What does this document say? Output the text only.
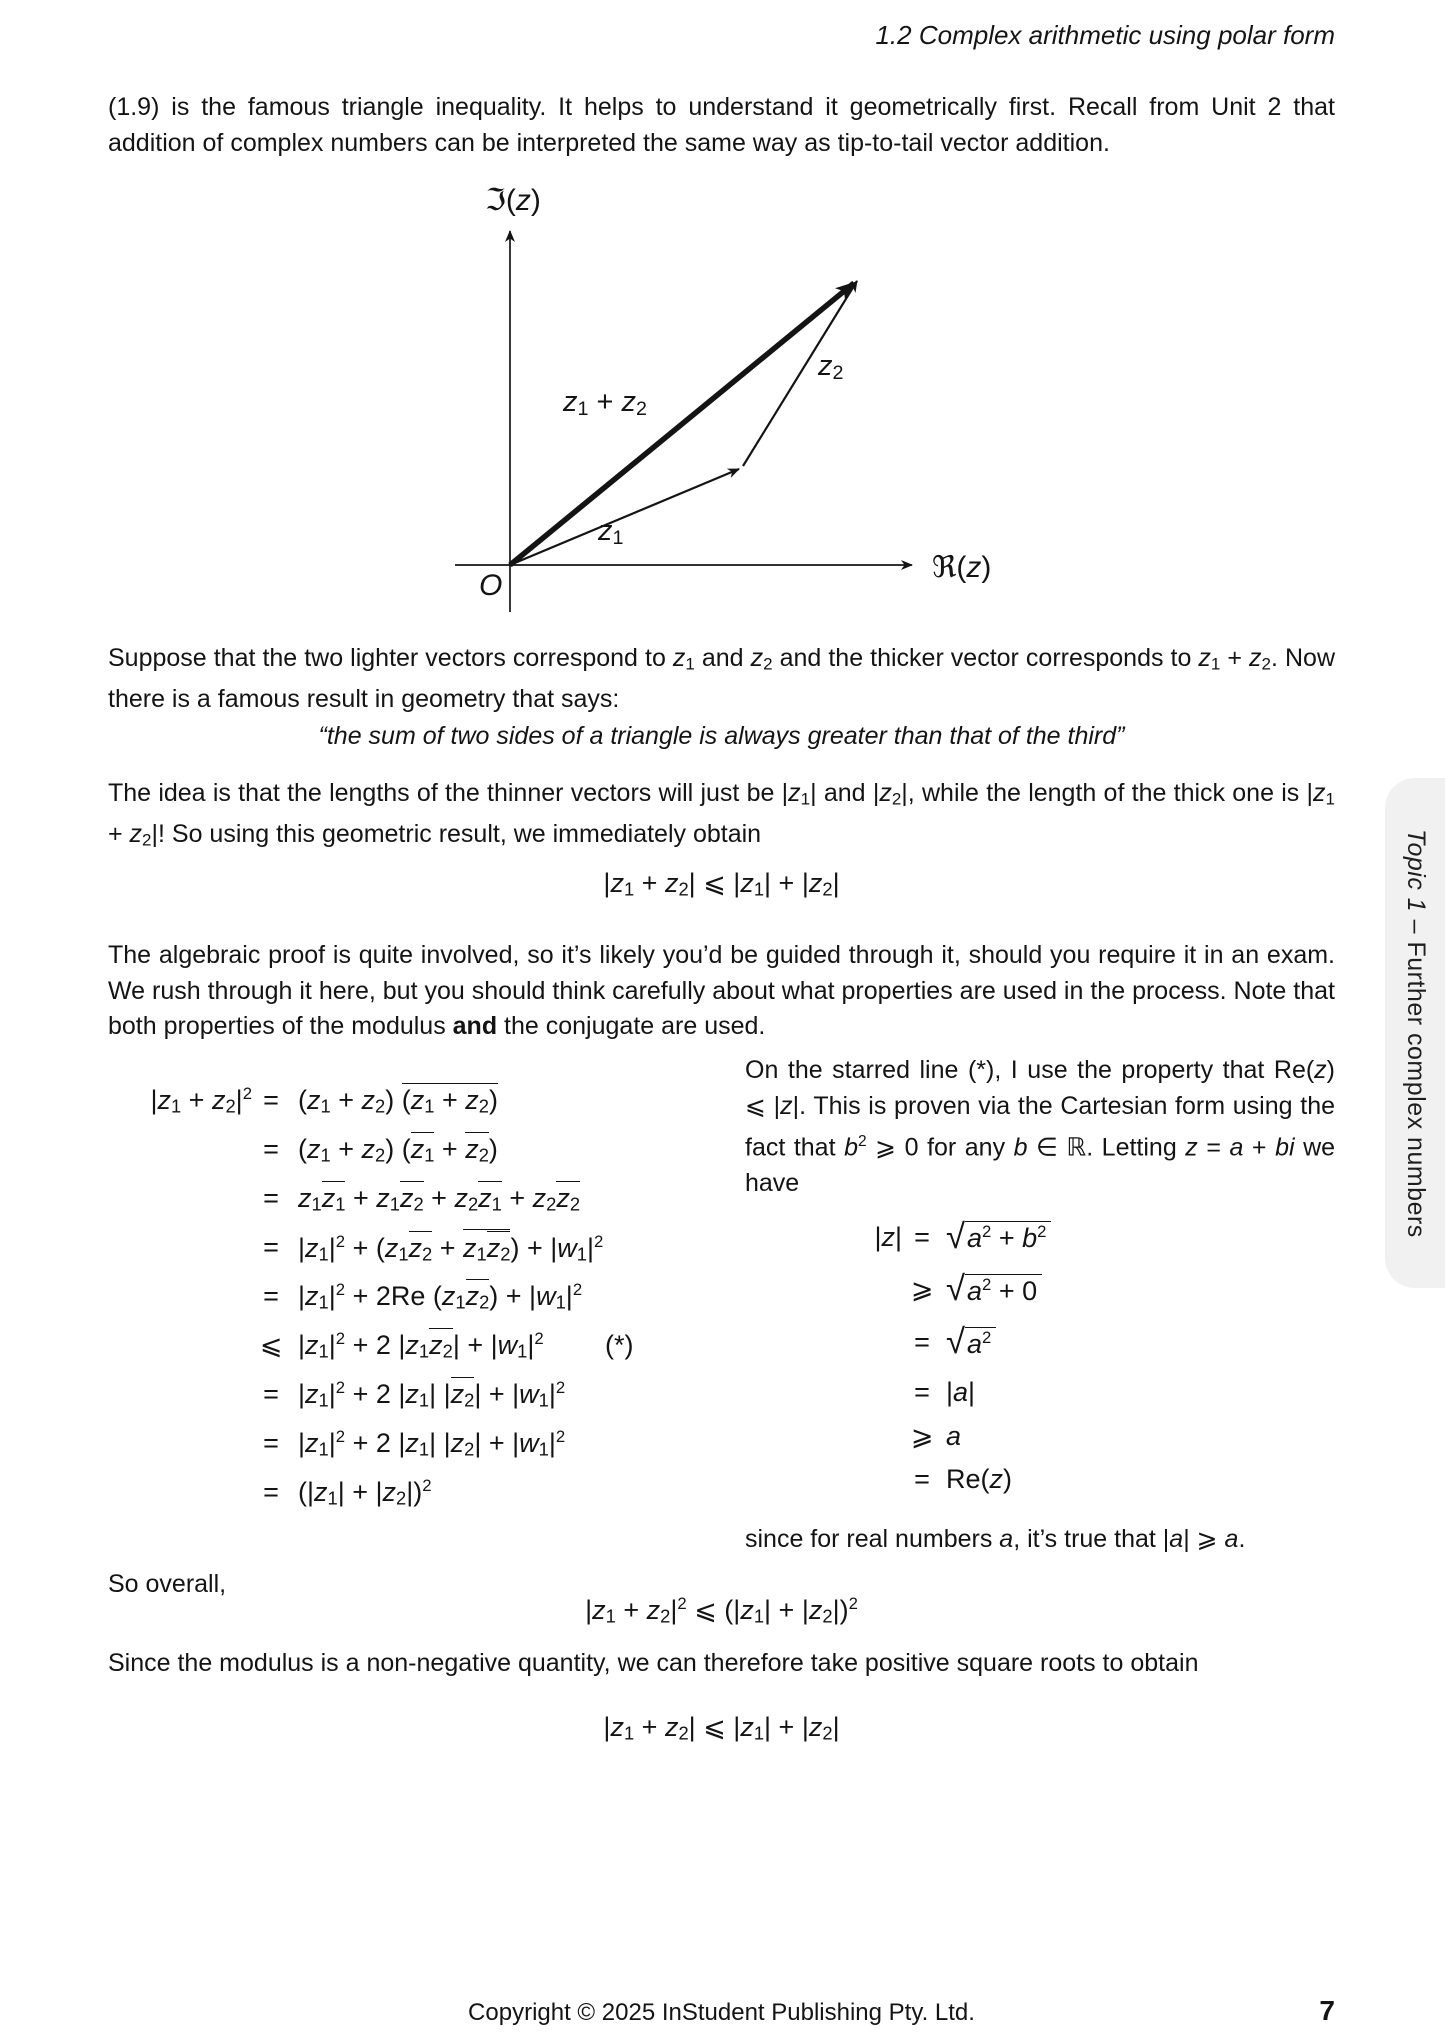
1.2 Complex arithmetic using polar form
(1.9) is the famous triangle inequality. It helps to understand it geometrically first. Recall from Unit 2 that addition of complex numbers can be interpreted the same way as tip-to-tail vector addition.
ℑ(z)
ℜ(z)
O
$z_1$
$z_2$
$z_1 + z_2$
Suppose that the two lighter vectors correspond to $z_1$ and $z_2$ and the thicker vector corresponds to $z_1 + z_2$. Now there is a famous result in geometry that says:
“the sum of two sides of a triangle is always greater than that of the third”
The idea is that the lengths of the thinner vectors will just be $|z_1|$ and $|z_2|$, while the length of the thick one is $|z_1 + z_2|$! So using this geometric result, we immediately obtain
$|z_1 + z_2|$ ⩽ $|z_1| + |z_2|$
The algebraic proof is quite involved, so it’s likely you’d be guided through it, should you require it in an exam. We rush through it here, but you should think carefully about what properties are used in the process. Note that both properties of the modulus and the conjugate are used.
$|z_1 + z_2|^2 = (z_1 + z_2) (z_1 + z_2)$
= $(z_1 + z_2) (z_1 + z_2)$
= $z_1z_1 + z_1z_2 + z_2z_1 + z_2z_2$
= $|z_1|^2 + (z_1z_2 + z_1z_2) + |w_1|^2$
= $|z_1|^2 + 2Re$ $(z_1z_2) + |w_1|^2$
⩽ $|z_1|^2 + 2$ $|z_1z_2| + |w_1|^2$ (*)
= $|z_1|^2 + 2$ $|z_1|$ $|z_2| + |w_1|^2$
= $|z_1|^2 + 2$ $|z_1|$ $|z_2| + |w_1|^2$
= $(|z_1| + |z_2|)^2$
On the starred line (*), I use the property that Re(z) ⩽ |z|. This is proven via the Cartesian form using the fact that $b^2$ ⩾ 0 for any b ∈ ℝ. Letting z = a + bi we have
$|z| = √a^2 + b^2$
⩾ $√a^2 + 0$
= $√a^2$
= |a|
⩾ a
= Re(z)
since for real numbers a, it’s true that |a| ⩾ a.
So overall,
$|z_1 + z_2|^2$ ⩽ $(|z_1| + |z_2|)^2$
Since the modulus is a non-negative quantity, we can therefore take positive square roots to obtain
$|z_1 + z_2|$ ⩽ $|z_1| + |z_2|$
Topic 1 – Further complex numbers
Copyright © 2025 InStudent Publishing Pty. Ltd.	7
